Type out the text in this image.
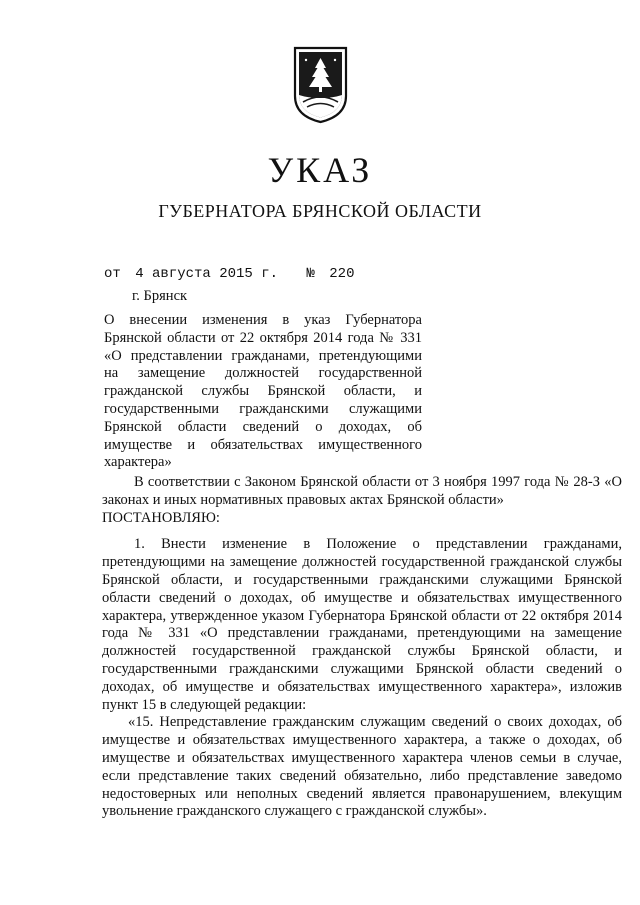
УКАЗ
ГУБЕРНАТОРА БРЯНСКОЙ ОБЛАСТИ
от 4 августа 2015 г. № 220
г. Брянск
О внесении изменения в указ Губернатора Брянской области от 22 октября 2014 года № 331 «О представлении гражданами, претендующими на замещение должностей государственной гражданской службы Брянской области, и государственными гражданскими служащими Брянской области сведений о доходах, об имуществе и обязательствах имущественного характера»

В соответствии с Законом Брянской области от 3 ноября 1997 года № 28-З «О законах и иных нормативных правовых актах Брянской области»

ПОСТАНОВЛЯЮ:

1. Внести изменение в Положение о представлении гражданами, претендующими на замещение должностей государственной гражданской службы Брянской области, и государственными гражданскими служащими Брянской области сведений о доходах, об имуществе и обязательствах имущественного характера, утвержденное указом Губернатора Брянской области от 22 октября 2014 года № 331 «О представлении гражданами, претендующими на замещение должностей государственной гражданской службы Брянской области, и государственными гражданскими служащими Брянской области сведений о доходах, об имуществе и обязательствах имущественного характера», изложив пункт 15 в следующей редакции:

«15. Непредставление гражданским служащим сведений о своих доходах, об имуществе и обязательствах имущественного характера, а также о доходах, об имуществе и обязательствах имущественного характера членов семьи в случае, если представление таких сведений обязательно, либо представление заведомо недостоверных или неполных сведений является правонарушением, влекущим увольнение гражданского служащего с гражданской службы».
